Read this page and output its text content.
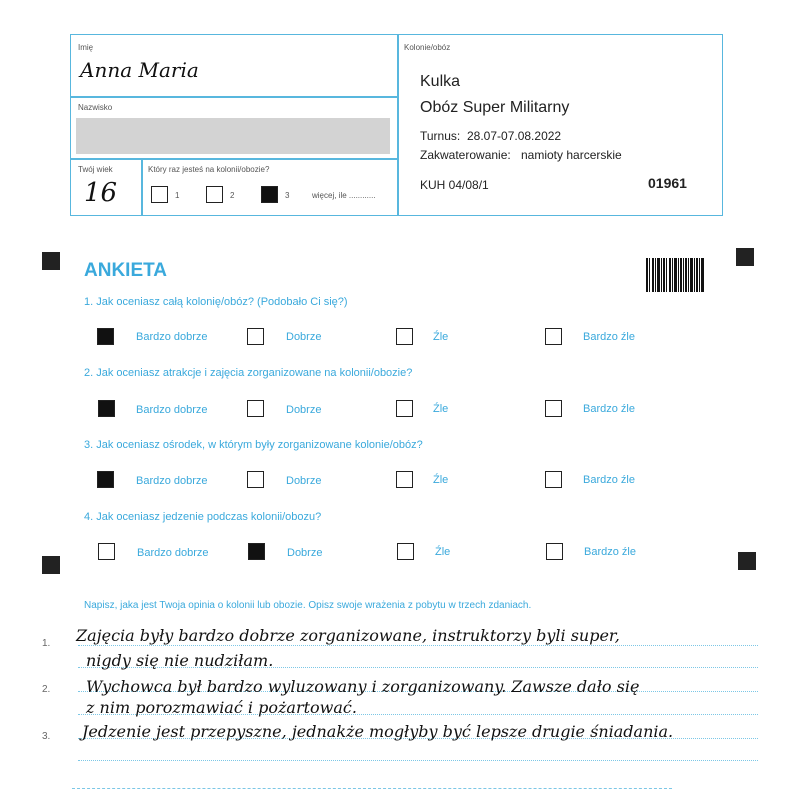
Imię
Anna Maria
Nazwisko
Twój wiek
16
Który raz jesteś na kolonii/obozie?
1	2	3	więcej, ile ............
Kolonie/obóz
Kulka
Obóz Super Militarny
Turnus: 28.07-07.08.2022
Zakwaterowanie: namioty harcerskie
KUH 04/08/1	01961
ANKIETA
1. Jak oceniasz całą kolonię/obóz? (Podobało Ci się?)
Bardzo dobrze	Dobrze	Źle	Bardzo źle
2. Jak oceniasz atrakcje i zajęcia zorganizowane na kolonii/obozie?
Bardzo dobrze	Dobrze	Źle	Bardzo źle
3. Jak oceniasz ośrodek, w którym były zorganizowane kolonie/obóz?
Bardzo dobrze	Dobrze	Źle	Bardzo źle
4. Jak oceniasz jedzenie podczas kolonii/obozu?
Bardzo dobrze	Dobrze	Źle	Bardzo źle
Napisz, jaka jest Twoja opinia o kolonii lub obozie. Opisz swoje wrażenia z pobytu w trzech zdaniach.
1.
2.
3.
Zajęcia były bardzo dobrze zorganizowane, instruktorzy byli super,
nigdy się nie nudziłam.
Wychowca był bardzo wyluzowany i zorganizowany. Zawsze dało się
z nim porozmawiać i pożartować.
Jedzenie jest przepyszne, jednakże mogłyby być lepsze drugie śniadania.
